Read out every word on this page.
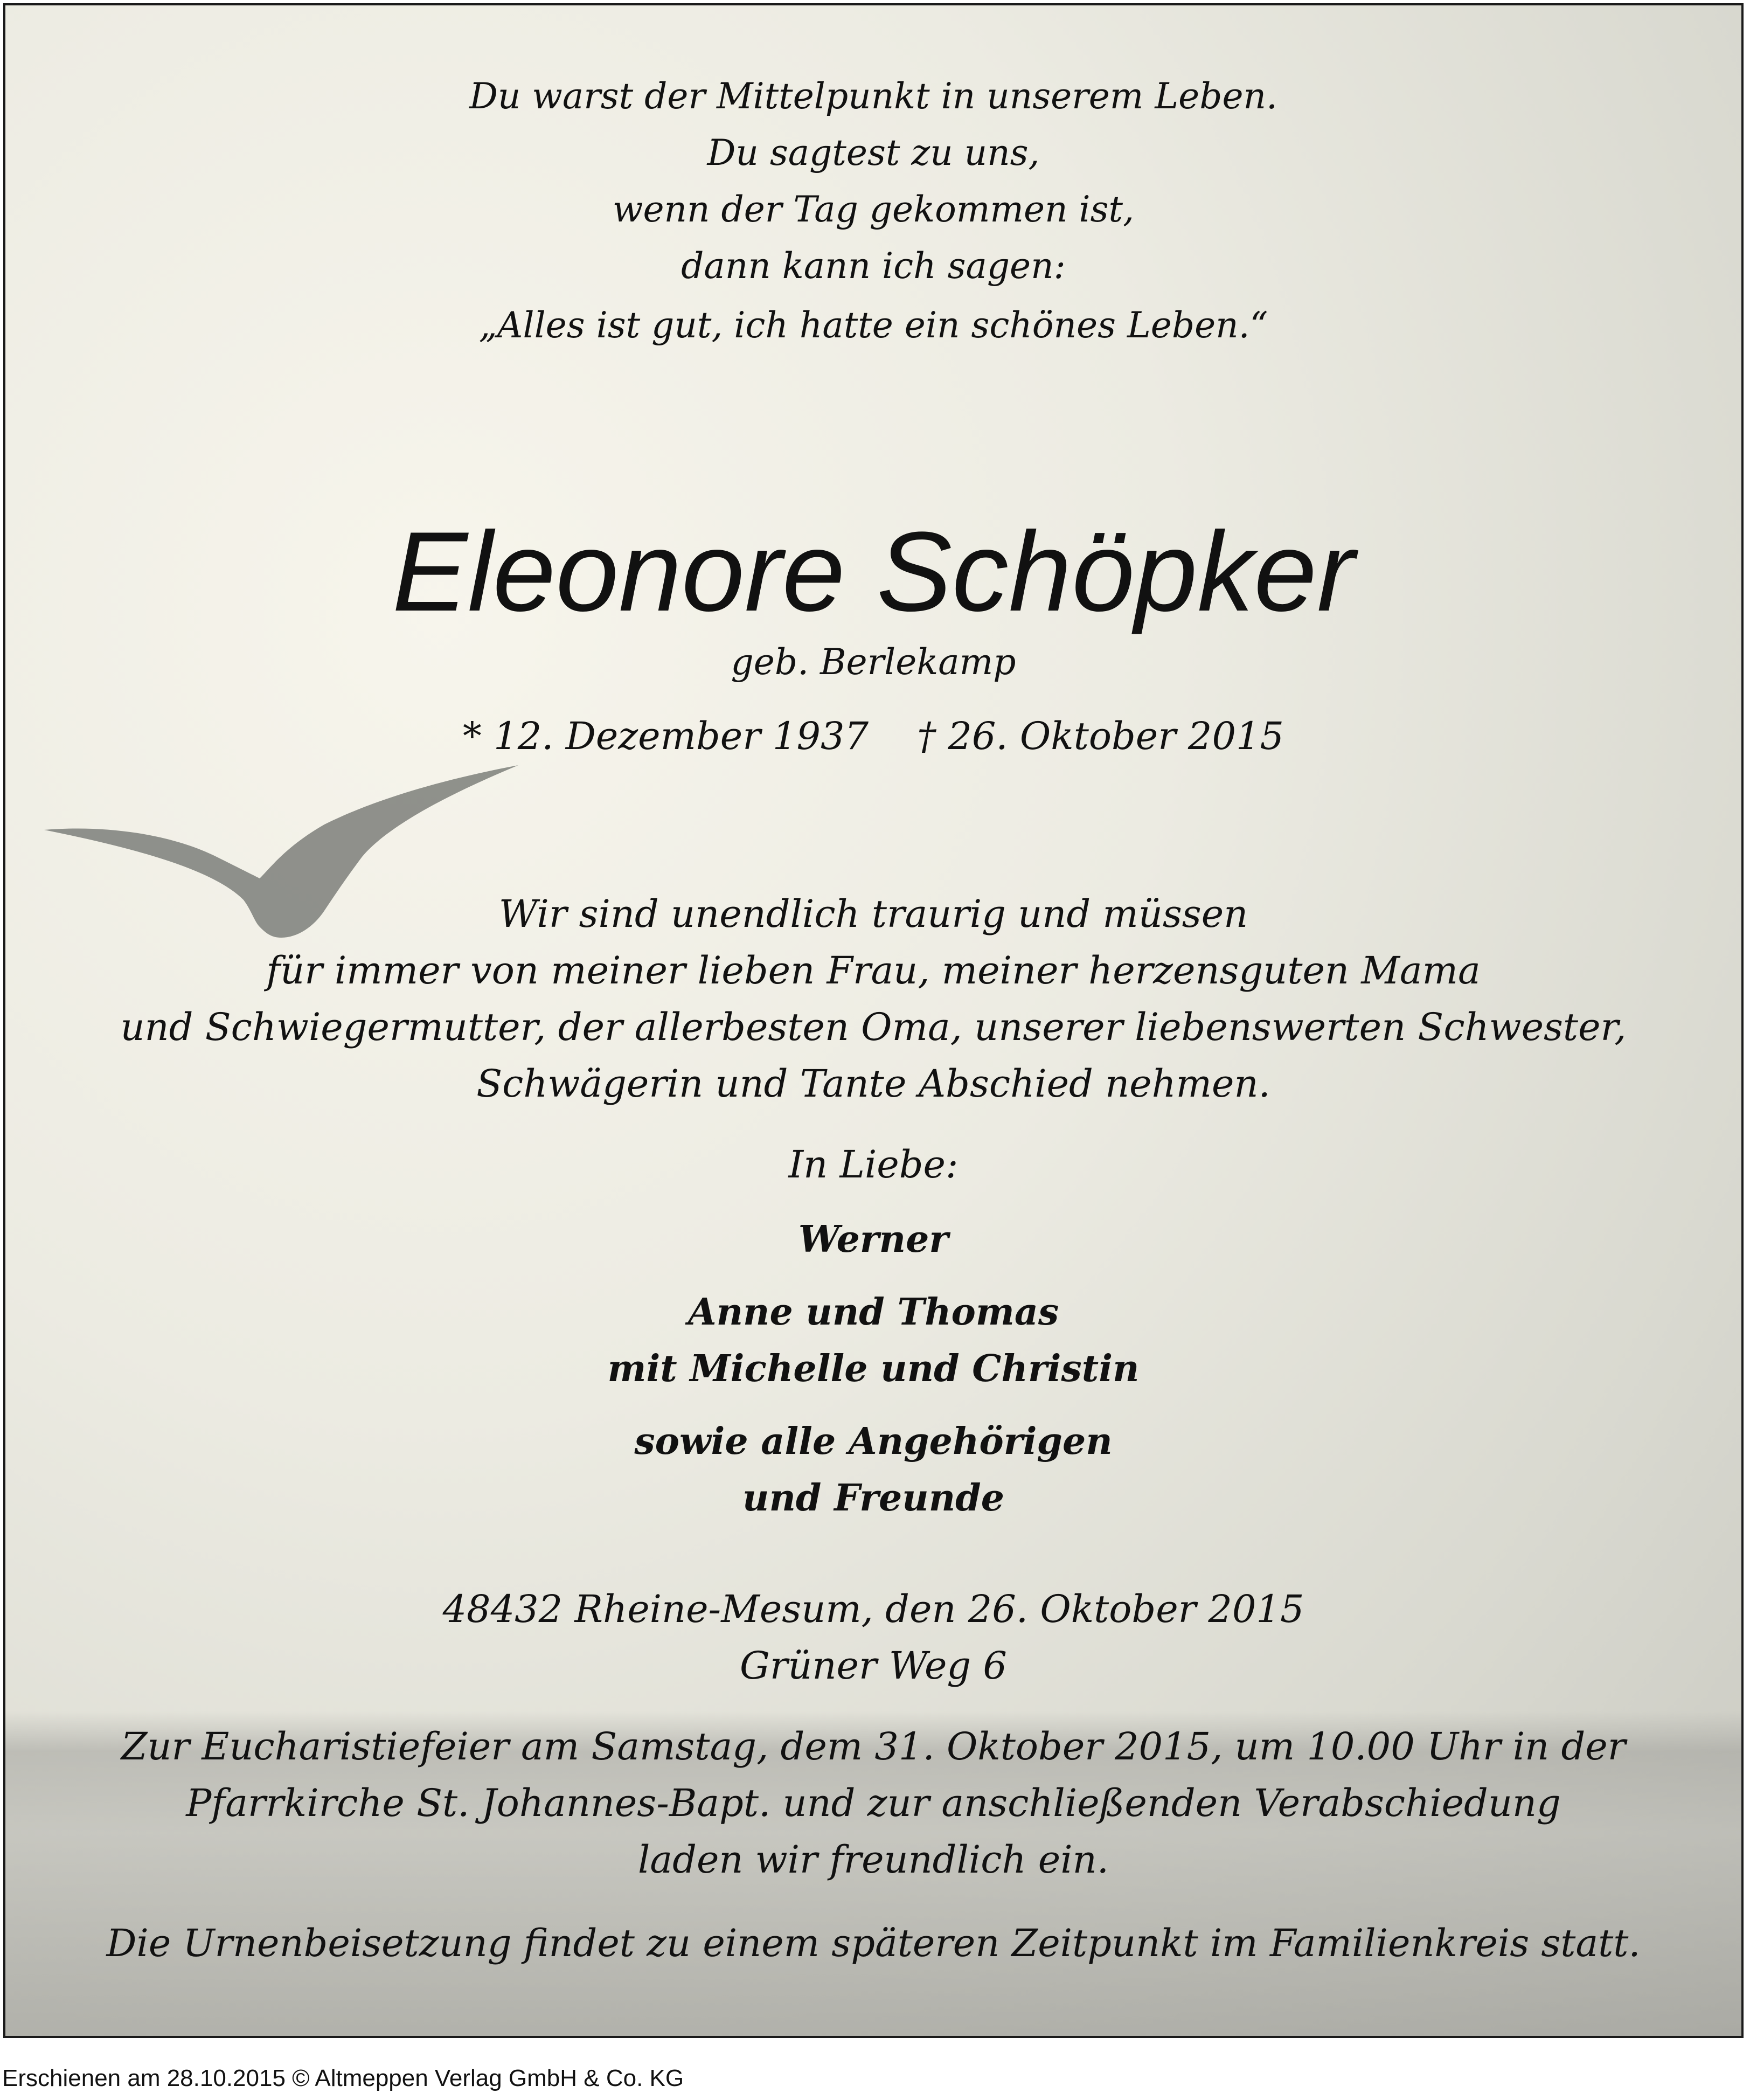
Du warst der Mittelpunkt in unserem Leben.
Du sagtest zu uns,
wenn der Tag gekommen ist,
dann kann ich sagen:
„Alles ist gut, ich hatte ein schönes Leben.“
Eleonore Schöpker
geb. Berlekamp
* 12. Dezember 1937 † 26. Oktober 2015
Wir sind unendlich traurig und müssen
für immer von meiner lieben Frau, meiner herzensguten Mama
und Schwiegermutter, der allerbesten Oma, unserer liebenswerten Schwester,
Schwägerin und Tante Abschied nehmen.
In Liebe:
Werner
Anne und Thomas
mit Michelle und Christin
sowie alle Angehörigen
und Freunde
48432 Rheine-Mesum, den 26. Oktober 2015
Grüner Weg 6
Zur Eucharistiefeier am Samstag, dem 31. Oktober 2015, um 10.00 Uhr in der
Pfarrkirche St. Johannes-Bapt. und zur anschließenden Verabschiedung
laden wir freundlich ein.
Die Urnenbeisetzung findet zu einem späteren Zeitpunkt im Familienkreis statt.
Erschienen am 28.10.2015 © Altmeppen Verlag GmbH & Co. KG
